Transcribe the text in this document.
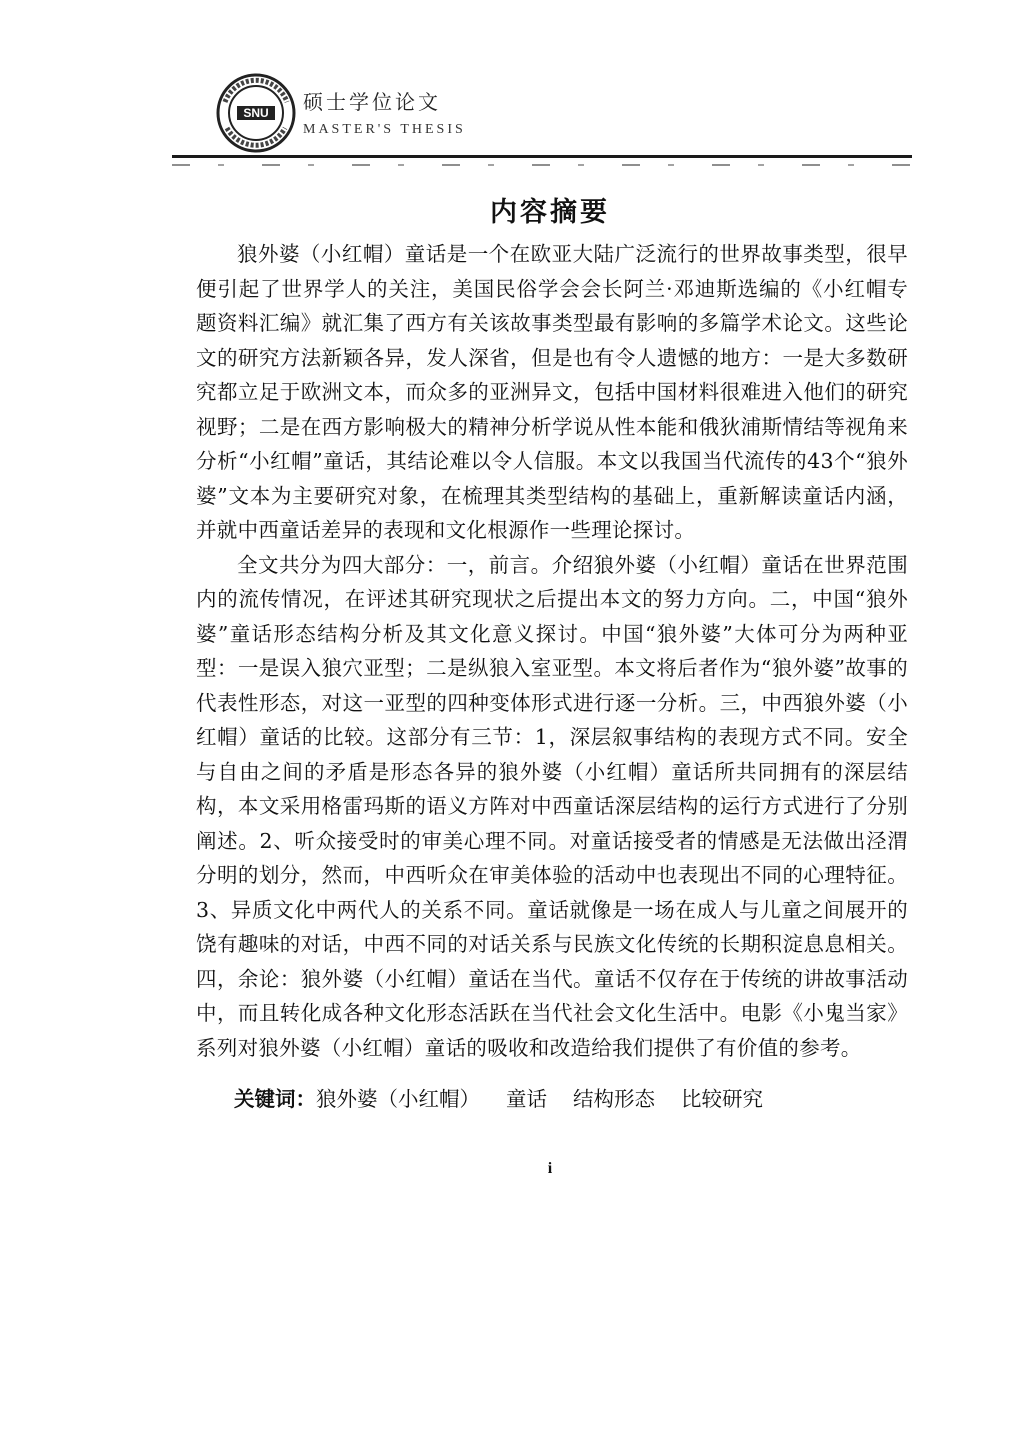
SNU 硕士学位论文
MASTER'S THESIS
内容摘要

狼外婆（小红帽）童话是一个在欧亚大陆广泛流行的世界故事类型，很早便引起了世界学人的关注，美国民俗学会会长阿兰·邓迪斯选编的《小红帽专题资料汇编》就汇集了西方有关该故事类型最有影响的多篇学术论文。这些论文的研究方法新颖各异，发人深省，但是也有令人遗憾的地方：一是大多数研究都立足于欧洲文本，而众多的亚洲异文，包括中国材料很难进入他们的研究视野；二是在西方影响极大的精神分析学说从性本能和俄狄浦斯情结等视角来分析“小红帽”童话，其结论难以令人信服。本文以我国当代流传的43个“狼外婆”文本为主要研究对象，在梳理其类型结构的基础上，重新解读童话内涵，并就中西童话差异的表现和文化根源作一些理论探讨。

全文共分为四大部分：一，前言。介绍狼外婆（小红帽）童话在世界范围内的流传情况，在评述其研究现状之后提出本文的努力方向。二，中国“狼外婆”童话形态结构分析及其文化意义探讨。中国“狼外婆”大体可分为两种亚型：一是误入狼穴亚型；二是纵狼入室亚型。本文将后者作为“狼外婆”故事的代表性形态，对这一亚型的四种变体形式进行逐一分析。三，中西狼外婆（小红帽）童话的比较。这部分有三节：1，深层叙事结构的表现方式不同。安全与自由之间的矛盾是形态各异的狼外婆（小红帽）童话所共同拥有的深层结构，本文采用格雷玛斯的语义方阵对中西童话深层结构的运行方式进行了分别阐述。2、听众接受时的审美心理不同。对童话接受者的情感是无法做出泾渭分明的划分，然而，中西听众在审美体验的活动中也表现出不同的心理特征。3、异质文化中两代人的关系不同。童话就像是一场在成人与儿童之间展开的饶有趣味的对话，中西不同的对话关系与民族文化传统的长期积淀息息相关。四，余论：狼外婆（小红帽）童话在当代。童话不仅存在于传统的讲故事活动中，而且转化成各种文化形态活跃在当代社会文化生活中。电影《小鬼当家》系列对狼外婆（小红帽）童话的吸收和改造给我们提供了有价值的参考。

关键词：狼外婆（小红帽） 童话 结构形态 比较研究
i
